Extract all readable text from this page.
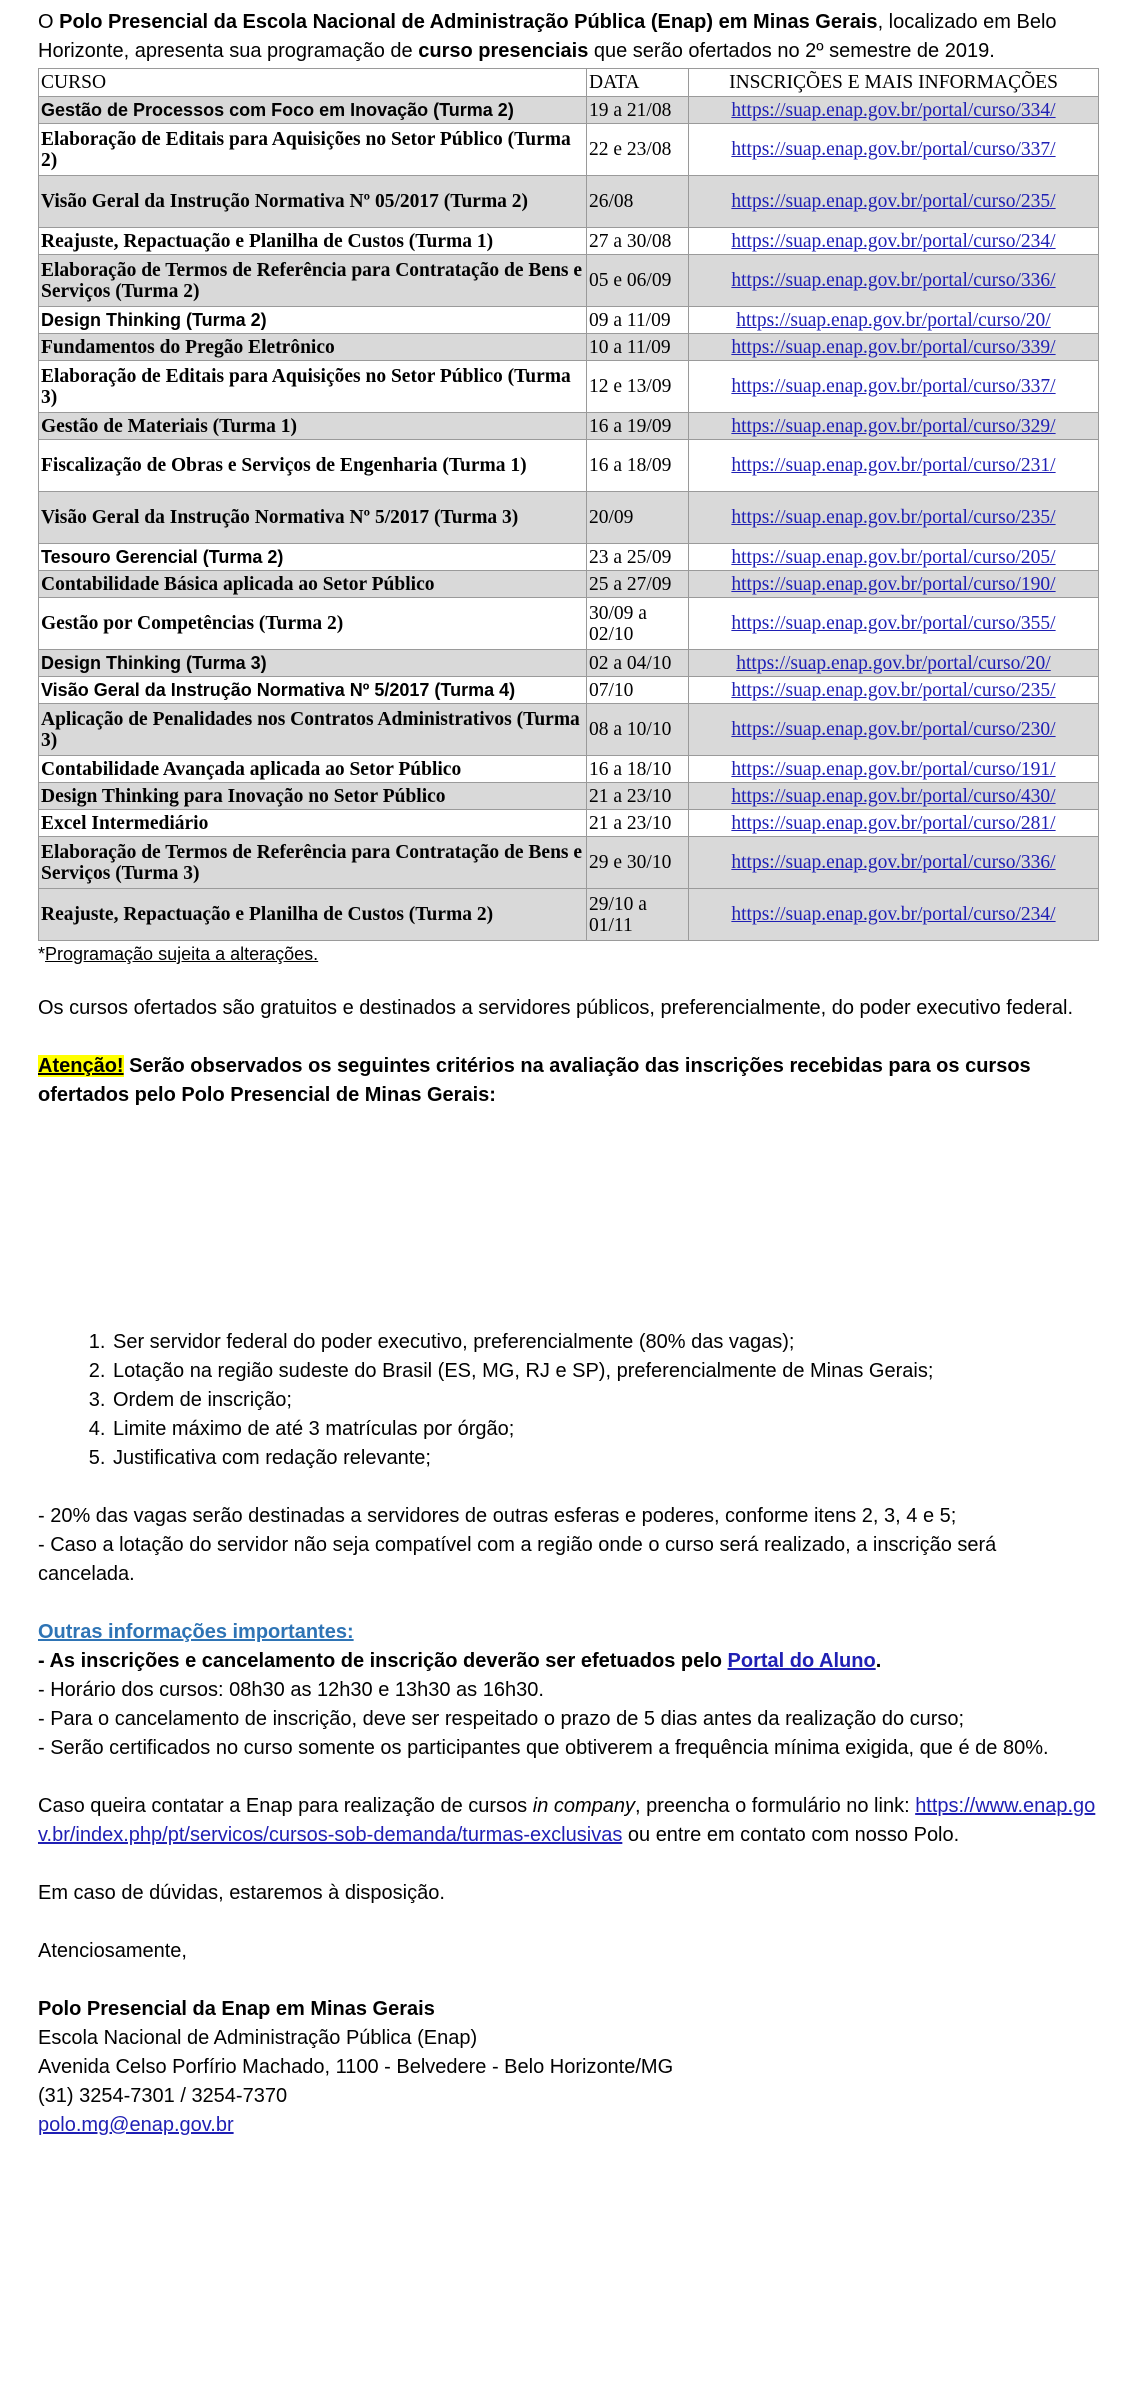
O Polo Presencial da Escola Nacional de Administração Pública (Enap) em Minas Gerais, localizado em Belo Horizonte, apresenta sua programação de curso presenciais que serão ofertados no 2º semestre de 2019.

CURSO	DATA	INSCRIÇÕES E MAIS INFORMAÇÕES
Gestão de Processos com Foco em Inovação (Turma 2)	19 a 21/08	https://suap.enap.gov.br/portal/curso/334/
Elaboração de Editais para Aquisições no Setor Público (Turma 2)	22 e 23/08	https://suap.enap.gov.br/portal/curso/337/
Visão Geral da Instrução Normativa Nº 05/2017 (Turma 2)	26/08	https://suap.enap.gov.br/portal/curso/235/
Reajuste, Repactuação e Planilha de Custos (Turma 1)	27 a 30/08	https://suap.enap.gov.br/portal/curso/234/
Elaboração de Termos de Referência para Contratação de Bens e Serviços (Turma 2)	05 e 06/09	https://suap.enap.gov.br/portal/curso/336/
Design Thinking (Turma 2)	09 a 11/09	https://suap.enap.gov.br/portal/curso/20/
Fundamentos do Pregão Eletrônico	10 a 11/09	https://suap.enap.gov.br/portal/curso/339/
Elaboração de Editais para Aquisições no Setor Público (Turma 3)	12 e 13/09	https://suap.enap.gov.br/portal/curso/337/
Gestão de Materiais (Turma 1)	16 a 19/09	https://suap.enap.gov.br/portal/curso/329/
Fiscalização de Obras e Serviços de Engenharia (Turma 1)	16 a 18/09	https://suap.enap.gov.br/portal/curso/231/
Visão Geral da Instrução Normativa Nº 5/2017 (Turma 3)	20/09	https://suap.enap.gov.br/portal/curso/235/
Tesouro Gerencial (Turma 2)	23 a 25/09	https://suap.enap.gov.br/portal/curso/205/
Contabilidade Básica aplicada ao Setor Público	25 a 27/09	https://suap.enap.gov.br/portal/curso/190/
Gestão por Competências (Turma 2)	30/09 a 02/10	https://suap.enap.gov.br/portal/curso/355/
Design Thinking (Turma 3)	02 a 04/10	https://suap.enap.gov.br/portal/curso/20/
Visão Geral da Instrução Normativa Nº 5/2017 (Turma 4)	07/10	https://suap.enap.gov.br/portal/curso/235/
Aplicação de Penalidades nos Contratos Administrativos (Turma 3)	08 a 10/10	https://suap.enap.gov.br/portal/curso/230/
Contabilidade Avançada aplicada ao Setor Público	16 a 18/10	https://suap.enap.gov.br/portal/curso/191/
Design Thinking para Inovação no Setor Público	21 a 23/10	https://suap.enap.gov.br/portal/curso/430/
Excel Intermediário	21 a 23/10	https://suap.enap.gov.br/portal/curso/281/
Elaboração de Termos de Referência para Contratação de Bens e Serviços (Turma 3)	29 e 30/10	https://suap.enap.gov.br/portal/curso/336/
Reajuste, Repactuação e Planilha de Custos (Turma 2)	29/10 a 01/11	https://suap.enap.gov.br/portal/curso/234/
*Programação sujeita a alterações.

Os cursos ofertados são gratuitos e destinados a servidores públicos, preferencialmente, do poder executivo federal.

Atenção! Serão observados os seguintes critérios na avaliação das inscrições recebidas para os cursos ofertados pelo Polo Presencial de Minas Gerais:

1. Ser servidor federal do poder executivo, preferencialmente (80% das vagas);
2. Lotação na região sudeste do Brasil (ES, MG, RJ e SP), preferencialmente de Minas Gerais;
3. Ordem de inscrição;
4. Limite máximo de até 3 matrículas por órgão;
5. Justificativa com redação relevante;

- 20% das vagas serão destinadas a servidores de outras esferas e poderes, conforme itens 2, 3, 4 e 5;

- Caso a lotação do servidor não seja compatível com a região onde o curso será realizado, a inscrição será cancelada.

Outras informações importantes:

- As inscrições e cancelamento de inscrição deverão ser efetuados pelo Portal do Aluno.

- Horário dos cursos: 08h30 as 12h30 e 13h30 as 16h30.

- Para o cancelamento de inscrição, deve ser respeitado o prazo de 5 dias antes da realização do curso;

- Serão certificados no curso somente os participantes que obtiverem a frequência mínima exigida, que é de 80%.

Caso queira contatar a Enap para realização de cursos in company, preencha o formulário no link: https://www.enap.gov.br/index.php/pt/servicos/cursos-sob-demanda/turmas-exclusivas ou entre em contato com nosso Polo.

Em caso de dúvidas, estaremos à disposição.

Atenciosamente,

Polo Presencial da Enap em Minas Gerais

Escola Nacional de Administração Pública (Enap)

Avenida Celso Porfírio Machado, 1100 - Belvedere - Belo Horizonte/MG

(31) 3254-7301 / 3254-7370

polo.mg@enap.gov.br
